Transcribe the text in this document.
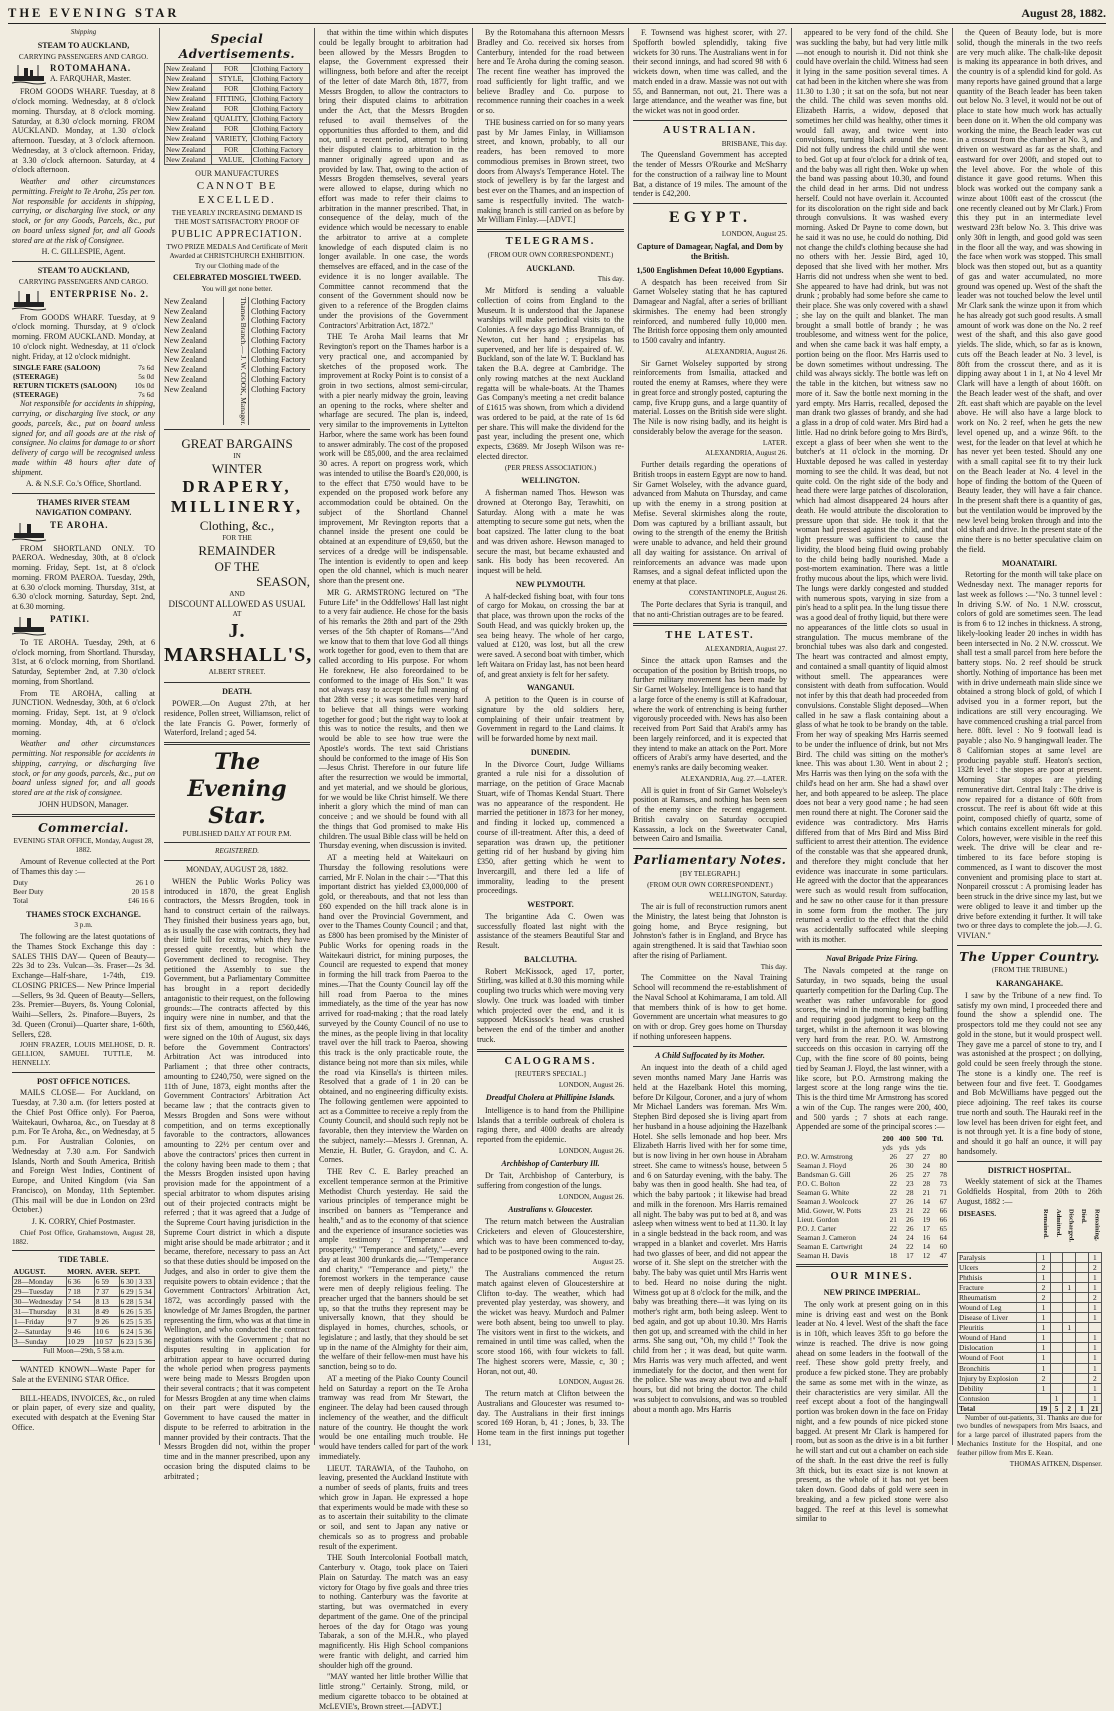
THE EVENING STAR	August 28, 1882.

Shipping

STEAM TO AUCKLAND,

CARRYING PASSENGERS AND CARGO.

ROTOMAHANA.
A. FARQUHAR, Master.

FROM GOODS WHARF. Tuesday, at 8 o'clock morning. Wednesday, at 8 o'clock morning. Thursday, at 8 o'clock morning. Saturday, at 8.30 o'clock morning. FROM AUCKLAND. Monday, at 1.30 o'clock afternoon. Tuesday, at 3 o'clock afternoon. Wednesday, at 3 o'clock afternoon. Friday, at 3.30 o'clock afternoon. Saturday, at 4 o'clock afternoon.

Weather and other circumstances permitting. Freight to Te Aroha, 25s per ton. Not responsible for accidents in shipping, carrying, or discharging live stock, or any stock, or for any Goods, Parcels, &c., put on board unless signed for, and all Goods stored are at the risk of Consignee.

H. C. GILLESPIE, Agent.

STEAM TO AUCKLAND,

CARRYING PASSENGERS AND CARGO.

ENTERPRISE No. 2.

From GOODS WHARF. Tuesday, at 9 o'clock morning. Thursday, at 9 o'clock morning. FROM AUCKLAND. Monday, at 10 o'clock night. Wednesday, at 11 o'clock night. Friday, at 12 o'clock midnight.

SINGLE FARE (SALOON)	7s 6d
(STEERAGE)	5s 0d
RETURN TICKETS (SALOON)	10s 0d
(STEERAGE)	7s 6d

Not responsible for accidents in shipping, carrying, or discharging live stock, or any goods, parcels, &c., put on board unless signed for, and all goods are at the risk of consignee. No claims for damage to or short delivery of cargo will be recognised unless made within 48 hours after date of shipment.

A. & N.S.F. Co.'s Office, Shortland.

THAMES RIVER STEAM NAVIGATION COMPANY.

TE AROHA.

FROM SHORTLAND ONLY. TO PAEROA. Wednesday, 30th, at 8 o'clock morning. Friday, Sept. 1st, at 8 o'clock morning. FROM PAEROA. Tuesday, 29th, at 6.30 o'clock morning. Thursday, 31st, at 6.30 o'clock morning. Saturday, Sept. 2nd, at 6.30 morning.

PATIKI.

To TE AROHA. Tuesday, 29th, at 6 o'clock morning, from Shortland. Thursday, 31st, at 6 o'clock morning, from Shortland. Saturday, September 2nd, at 7.30 o'clock morning, from Shortland.

From TE AROHA, calling at JUNCTION. Wednesday, 30th, at 6 o'clock morning. Friday, Sept. 1st, at 9 o'clock morning. Monday, 4th, at 6 o'clock morning.

Weather and other circumstances permitting. Not responsible for accidents in shipping, carrying, or discharging live stock, or for any goods, parcels, &c., put on board unless signed for, and all goods stored are at the risk of consignee.

JOHN HUDSON, Manager.

Commercial.

EVENING STAR OFFICE, Monday, August 28, 1882.

Amount of Revenue collected at the Port of Thames this day :—

Duty	26 1 0
Beer Duty	20 15 8
Total	£46 16 6

THAMES STOCK EXCHANGE.

3 p.m.

The following are the latest quotations of the Thames Stock Exchange this day : SALES THIS DAY— Queen of Beauty—22s 3d to 23s. Vulcan—3s. Fraser—2s 3d. Exchange—Half-share, 1-74th, £19. CLOSING PRICES— New Prince Imperial—Sellers, 9s 3d. Queen of Beauty—Sellers, 23s. Premier—Buyers, 8s. Young Colonial, Waihi—Sellers, 2s. Pinafore—Buyers, 2s 3d. Queen (Cronui)—Quarter share, 1-60th, Sellers, £28.

JOHN FRAZER, LOUIS MELHOSE, D. R. GELLION, SAMUEL TUTTLE, M. HENNELLY.

POST OFFICE NOTICES.

MAILS CLOSE— For Auckland, on Tuesday, at 7.30 a.m. (for letters posted at the Chief Post Office only). For Paeroa, Waitekauri, Owharoa, &c., on Tuesday at 8 p.m. For Te Aroha, &c., on Wednesday, at 5 p.m. For Australian Colonies, on Wednesday at 7.30 a.m. For Sandwich Islands, North and South America, British and Foreign West Indies, Continent of Europe, and United Kingdom (via San Francisco), on Monday, 11th September. (This mail will be due in London on 23rd October.)

J. K. CORRY, Chief Postmaster.

Chief Post Office, Grahamstown, August 28, 1882.

TIDE TABLE.

AUGUST.	MORN.	AVER.	SEPT.
28—Monday	6 36	6 59	6 30 | 3 33
29—Tuesday	7 18	7 37	6 29 | 5 34
30—Wednesday	7 54	8 13	6 28 | 5 34
31—Thursday	8 31	8 49	6 26 | 5 35
1—Friday	9 7	9 26	6 25 | 5 35
2—Saturday	9 46	10 6	6 24 | 5 36
3—Sunday	10 29	10 57	6 23 | 5 36

Full Moon—29th, 5 58 a.m.

WANTED KNOWN—Waste Paper for Sale at the EVENING STAR Office.

BILL-HEADS, INVOICES, &c., on ruled or plain paper, of every size and quality, executed with despatch at the Evening Star Office.

Special Advertisements.

New Zealand	FOR	Clothing Factory
New Zealand	STYLE,	Clothing Factory
New Zealand	FOR	Clothing Factory
New Zealand	FITTING,	Clothing Factory
New Zealand	FOR	Clothing Factory
New Zealand	QUALITY,	Clothing Factory
New Zealand	FOR	Clothing Factory
New Zealand	VARIETY,	Clothing Factory
New Zealand	FOR	Clothing Factory
New Zealand	VALUE,	Clothing Factory

OUR MANUFACTURES

CANNOT BE EXCELLED.

THE YEARLY INCREASING DEMAND IS THE MOST SATISFACTORY PROOF OF

PUBLIC APPRECIATION.

TWO PRIZE MEDALS And Certificate of Merit Awarded at CHRISTCHURCH EXHIBITION.

Try our Clothing made of the

CELEBRATED MOSGIEL TWEED.

You will get none better.

New Zealand
New Zealand
New Zealand
New Zealand
New Zealand
New Zealand
New Zealand
New Zealand
New Zealand
New Zealand	Thames Branch.— J. W. COOK, Manager. Clothing Factory
Clothing Factory
Clothing Factory
Clothing Factory
Clothing Factory
Clothing Factory
Clothing Factory
Clothing Factory
Clothing Factory
Clothing Factory
GREAT BARGAINS
IN
WINTER
DRAPERY,
MILLINERY,
Clothing, &c.,
FOR THE
REMAINDER
OF THE
SEASON,
AND
DISCOUNT ALLOWED AS USUAL
AT
J. MARSHALL'S,
ALBERT STREET.

DEATH.

POWER.—On August 27th, at her residence, Pollen street, Williamson, relict of the late Francis G. Power, formerly of Waterford, Ireland ; aged 54.

The Evening Star.

PUBLISHED DAILY AT FOUR P.M.

REGISTERED.

MONDAY, AUGUST 28, 1882.

WHEN the Public Works Policy was introduced in 1870, the great English contractors, the Messrs Brogden, took in hand to construct certain of the railways. They finished their business years ago, but, as is usually the case with contracts, they had their little bill for extras, which they have pressed quite recently, but which the Government declined to recognise. They petitioned the Assembly to sue the Government, but a Parliamentary Committee has brought in a report decidedly antagonistic to their request, on the following grounds:—The contracts affected by this inquiry were nine in number, and that the first six of them, amounting to £560,446, were signed on the 10th of August, six days before the Government Contractors' Arbitration Act was introduced into Parliament ; that three other contracts, amounting to £240,750, were signed on the 11th of June, 1873, eight months after the Government Contractors' Arbitration Act became law ; that the contracts given to Messrs Brogden and Sons were without competition, and on terms exceptionally favorable to the contractors, allowances amounting to 22½ per centum over and above the contractors' prices then current in the colony having been made to them ; that the Messrs Brogden insisted upon having provision made for the appointment of a special arbitrator to whom disputes arising out of their projected contracts might be referred ; that it was agreed that a Judge of the Supreme Court having jurisdiction in the Supreme Court district in which a dispute might arise should be made arbitrator ; and it became, therefore, necessary to pass an Act so that these duties should be imposed on the Judges, and also in order to give them the requisite powers to obtain evidence ; that the Government Contractors' Arbitration Act, 1872, was accordingly passed with the knowledge of Mr James Brogden, the partner representing the firm, who was at that time in Wellington, and who conducted the contract negotiations with the Government ; that no disputes resulting in application for arbitration appear to have occurred during the whole period when progress payments were being made to Messrs Brogden upon their several contracts ; that it was competent for Messrs Brogden at any time when claims on their part were disputed by the Government to have caused the matter in dispute to be referred to arbitration in the manner provided by their contracts. That the Messrs Brogden did not, within the proper time and in the manner prescribed, upon any occasion bring the disputed claims to be arbitrated ;

that within the time within which disputes could be legally brought to arbitration had been allowed by the Messrs Brogden to elapse, the Government expressed their willingness, both before and after the receipt of the letter of date March 8th, 1877, from Messrs Brogden, to allow the contractors to bring their disputed claims to arbitration under the Act, that the Messrs Brogden refused to avail themselves of the opportunities thus afforded to them, and did not, until a recent period, attempt to bring their disputed claims to arbitration in the manner originally agreed upon and as provided by law. That, owing to the action of Messrs Brogden themselves, several years were allowed to elapse, during which no effort was made to refer their claims to arbitration in the manner prescribed. That, in consequence of the delay, much of the evidence which would be necessary to enable the arbitrator to arrive at a complete knowledge of each disputed claim is no longer available. In one case, the words themselves are effaced, and in the case of the evidence it is no longer available. The Committee cannot recommend that the consent of the Government should now be given to a reference of the Brogden claims under the provisions of the Government Contractors' Arbitration Act, 1872."

THE Te Aroha Mail learns that Mr Revington's report on the Thames harbor is a very practical one, and accompanied by sketches of the proposed work. The improvement at Rocky Point is to consist of a groin in two sections, almost semi-circular, with a pier nearly midway the groin, leaving an opening to the rocks, where shelter and wharfage are secured. The plan is, indeed, very similar to the improvements in Lyttelton Harbor, where the same work has been found to answer admirably. The cost of the proposed work will be £85,000, and the area reclaimed 30 acres. A report on progress work, which was intended to utilise the Board's £20,000, is to the effect that £750 would have to be expended on the proposed work before any accommodation could be obtained. On the subject of the Shortland Channel improvement, Mr Revington reports that a channel inside the present one could be obtained at an expenditure of £9,650, but the services of a dredge will be indispensable. The intention is evidently to open and keep open the old channel, which is much nearer shore than the present one.

MR G. ARMSTRONG lectured on "The Future Life" in the Oddfellows' Hall last night to a very fair audience. He chose for the basis of his remarks the 28th and part of the 29th verses of the 5th chapter of Romans—"And we know that to them that love God all things work together for good, even to them that are called according to His purpose. For whom He foreknew, He also foreordained to be conformed to the image of His Son." It was not always easy to accept the full meaning of that 28th verse ; it was sometimes very hard to believe that all things were working together for good ; but the right way to look at this was to notice the results, and then we would be able to see how true were the Apostle's words. The text said Christians should be conformed to the image of His Son—Jesus Christ. Therefore in our future life after the resurrection we would be immortal, and yet material, and we should be glorious, for we would be like Christ himself. We there inherit a glory which the mind of man can conceive ; and we should be found with all the things that God promised to make His children. The usual Bible class will be held on Thursday evening, when discussion is invited.

AT a meeting held at Waitekauri on Thursday the following resolutions were carried, Mr F. Nolan in the chair :—"That this important district has yielded £3,000,000 of gold, or thereabouts, and that not less than £60 expended on the hill track alone is in hand over the Provincial Government, and over to the Thames County Council ; and that, as £800 has been promised by the Minister of Public Works for opening roads in the Waitekauri district, for mining purposes, the Council are requested to expend that money in forming the hill track from Paeroa to the mines.—That the County Council lay off the hill road from Paeroa to the mines immediately, as the time of the year has now arrived for road-making ; that the road lately surveyed by the County Council of no use to the mines, as the people living in that locality travel over the hill track to Paeroa, showing this track is the only practicable route, the distance being not more than six miles, while the road via Kinsella's is thirteen miles. Resolved that a grade of 1 in 20 can be obtained, and no engineering difficulty exists. The following gentlemen were appointed to act as a Committee to receive a reply from the County Council, and should such reply not be favorable, then they interview the Warden on the subject, namely:—Messrs J. Grennan, A. Menzie, H. Butler, G. Graydon, and C. A. Cornes.

THE Rev C. E. Barley preached an excellent temperance sermon at the Primitive Methodist Church yesterday. He said the various principles of temperance might be inscribed on banners as "Temperance and health," and as to the economy of that science and the experience of insurance societies was ample testimony ; "Temperance and prosperity," "Temperance and safety,"—every day at least 300 drunkards die,—"Temperance and charity," "Temperance and piety," the foremost workers in the temperance cause were men of deeply religious feeling. The preacher urged that the banners should be set up, so that the truths they represent may be universally known, that they should be displayed in homes, churches, schools, or legislature ; and lastly, that they should be set up in the name of the Almighty for their aim, the welfare of their fellow-men must have his sanction, being so to do.

AT a meeting of the Piako County Council held on Saturday a report on the Te Aroha tramway was read from Mr Stewart, the engineer. The delay had been caused through inclemency of the weather, and the difficult nature of the country. He thought the work would be one entailing much trouble. He would have tenders called for part of the work immediately.

LIEUT. TARAWIA, of the Tauhoho, on leaving, presented the Auckland Institute with a number of seeds of plants, fruits and trees which grow in Japan. He expressed a hope that experiments would be made with these so as to ascertain their suitability to the climate or soil, and sent to Japan any native or chemicals so as to progress and probable result of the experiment.

THE South Intercolonial Football match, Canterbury v. Otago, took place on Taieri Plain on Saturday. The match was an easy victory for Otago by five goals and three tries to nothing. Canterbury was the favorite at starting, but was overmatched in every department of the game. One of the principal heroes of the day for Otago was young Tabarak, a son of the M.H.R., who played magnificently. His High School companions were frantic with delight, and carried him shoulder high off the ground.

"MAY wanted her little brother Willie that little strong." Certainly. Strong, mild, or medium cigarette tobacco to be obtained at McLEVIE's, Brown street.—[ADVT.]

By the Rotomahana this afternoon Messrs Bradley and Co. received six horses from Canterbury, intended for the road between here and Te Aroha during the coming season. The recent fine weather has improved the road sufficiently for light traffic, and we believe Bradley and Co. purpose to recommence running their coaches in a week or so.

THE business carried on for so many years past by Mr James Finlay, in Williamson street, and known, probably, to all our readers, has been removed to more commodious premises in Brown street, two doors from Always's Temperance Hotel. The stock of jewellery is by far the largest and best ever on the Thames, and an inspection of same is respectfully invited. The watch-making branch is still carried on as before by Mr William Finlay.—[ADVT.]

TELEGRAMS.

(FROM OUR OWN CORRESPONDENT.)

AUCKLAND.

This day.

Mr Mitford is sending a valuable collection of coins from England to the Museum. It is understood that the Japanese warships will make periodical visits to the Colonies. A few days ago Miss Brannigan, of Newton, cut her hand ; erysipelas has supervened, and her life is despaired of. W. Buckland, son of the late W. T. Buckland has taken the B.A. degree at Cambridge. The only rowing matches at the next Auckland regatta will be whale-boats. At the Thames Gas Company's meeting a net credit balance of £1615 was shown, from which a dividend was ordered to be paid, at the rate of 1s 6d per share. This will make the dividend for the past year, including the present one, which expects, £3689. Mr Joseph Wilson was re-elected director.

(PER PRESS ASSOCIATION.)

WELLINGTON.

A fisherman named Thos. Hewson was drowned at Oterongo Bay, Terawhiti, on Saturday. Along with a mate he was attempting to secure some gut nets, when the boat capsized. The latter clung to the boat and was driven ashore. Hewson managed to secure the mast, but became exhausted and sank. His body has been recovered. An inquest will be held.

NEW PLYMOUTH.

A half-decked fishing boat, with four tons of cargo for Mokau, on crossing the bar at that place, was thrown upon the rocks of the South Head, and was quickly broken up, the sea being heavy. The whole of her cargo, valued at £120, was lost, but all the crew were saved. A second boat with timber, which left Waitara on Friday last, has not been heard of, and great anxiety is felt for her safety.

WANGANUI.

A petition to the Queen is in course of signature by the old soldiers here, complaining of their unfair treatment by Government in regard to the Land claims. It will be forwarded home by next mail.

DUNEDIN.

In the Divorce Court, Judge Williams granted a rule nisi for a dissolution of marriage, on the petition of Grace Macnab Stuart, wife of Thomas Kendal Stuart. There was no appearance of the respondent. He married the petitioner in 1873 for her money, and finding it locked up, commenced a course of ill-treatment. After this, a deed of separation was drawn up, the petitioner getting rid of her husband by giving him £350, after getting which he went to Invercargill, and there led a life of immorality, leading to the present proceedings.

WESTPORT.

The brigantine Ada C. Owen was successfully floated last night with the assistance of the steamers Beautiful Star and Result.

BALCLUTHA.

Robert McKissock, aged 17, porter, Stirling, was killed at 8.30 this morning while coupling two trucks which were moving very slowly. One truck was loaded with timber which projected over the end, and it is supposed McKissock's head was crushed between the end of the timber and another truck.

CALOGRAMS.

[REUTER'S SPECIAL.]

LONDON, August 26.

Dreadful Cholera at Phillipine Islands.

Intelligence is to hand from the Phillipine Islands that a terrible outbreak of cholera is raging there, and 4000 deaths are already reported from the epidemic.

LONDON, August 26.

Archbishop of Canterbury Ill.

Dr Tait, Archbishop of Canterbury, is suffering from congestion of the lungs.

LONDON, August 26.

Australians v. Gloucester.

The return match between the Australian Cricketers and eleven of Gloucestershire, which was to have been commenced to-day, had to be postponed owing to the rain.

August 25.

The Australians commenced the return match against eleven of Gloucestershire at Clifton to-day. The weather, which had prevented play yesterday, was showery, and the wicket was heavy. Murdoch and Palmer were both absent, being too unwell to play. The visitors went in first to the wickets, and remained in until time was called, when the score stood 166, with four wickets to fall. The highest scorers were, Massie, c, 30 ; Horan, not out, 40.

LONDON, August 26.

The return match at Clifton between the Australians and Gloucester was resumed to-day. The Australians in their first innings scored 169 Horan, b, 41 ; Jones, b, 33. The Home team in the first innings put together 131,

F. Townsend was highest scorer, with 27. Spofforth bowled splendidly, taking five wickets for 30 runs. The Australians went in for their second innings, and had scored 98 with 6 wickets down, when time was called, and the match ended in a draw. Massie was not out with 55, and Bannerman, not out, 21. There was a large attendance, and the weather was fine, but the wicket was not in good order.

AUSTRALIAN.

BRISBANE, This day.

The Queensland Government has accepted the tender of Messrs O'Rourke and McSharry for the construction of a railway line to Mount Bat, a distance of 19 miles. The amount of the tender is £42,200.

EGYPT.

LONDON, August 25.

Capture of Damagear, Nagfal, and Dom by the British.

1,500 Englishmen Defeat 10,000 Egyptians.

A despatch has been received from Sir Garnet Wolseley stating that he has captured Damagear and Nagfal, after a series of brilliant skirmishes. The enemy had been strongly reinforced, and numbered fully 10,000 men. The British force opposing them only amounted to 1500 cavalry and infantry.

ALEXANDRIA, August 26.

Sir Garnet Wolseley supported by strong reinforcements from Ismailia, attacked and routed the enemy at Ramses, where they were in great force and strongly posted, capturing the camp, five Krupp guns, and a large quantity of material. Losses on the British side were slight. The Nile is now rising badly, and its height is considerably below the average for the season.

LATER.

ALEXANDRIA, August 26.

Further details regarding the operations of British troops in eastern Egypt are now to hand. Sir Garnet Wolseley, with the advance guard, advanced from Mahuta on Thursday, and came up with the enemy in a strong position at Mefise. Several skirmishes along the route, Dom was captured by a brilliant assault, but owing to the strength of the enemy the British were unable to advance, and held their ground all day waiting for assistance. On arrival of reinforcements an advance was made upon Ramses, and a signal defeat inflicted upon the enemy at that place.

CONSTANTINOPLE, August 26.

The Porte declares that Syria is tranquil, and that no anti-Christian outrages are to be feared.

THE LATEST.

ALEXANDRIA, August 27.

Since the attack upon Ramses and the occupation of the position by British troops, no further military movement has been made by Sir Garnet Wolseley. Intelligence is to hand that a large force of the enemy is still at Kafradouar, where the work of entrenching is being further vigorously proceeded with. News has also been received from Port Said that Arabi's army has been largely reinforced, and it is expected that they intend to make an attack on the Port. More officers of Arabi's army have deserted, and the enemy's ranks are daily becoming weaker.

ALEXANDRIA, Aug. 27.—LATER.

All is quiet in front of Sir Garnet Wolseley's position at Ramses, and nothing has been seen of the enemy since the recent engagement. British cavalry on Saturday occupied Kassassin, a lock on the Sweetwater Canal, between Cairo and Ismailia.

Parliamentary Notes.

[BY TELEGRAPH.]

(FROM OUR OWN CORRESPONDENT.)

WELLINGTON, Saturday.

The air is full of reconstruction rumors anent the Ministry, the latest being that Johnston is going home, and Bryce resigning, but Johnston's father is in England, and Bryce has again strengthened. It is said that Tawhiao soon after the rising of Parliament.

This day.

The Committee on the Naval Training School will recommend the re-establishment of the Naval School at Kohimarama, I am told. All that members think of is how to get home. Government are uncertain what measures to go on with or drop. Grey goes home on Thursday if nothing unforeseen happens.

A Child Suffocated by its Mother.

An inquest into the death of a child aged seven months named Mary Jane Harris was held at the Hazelbank Hotel this morning, before Dr Kilgour, Coroner, and a jury of whom Mr Michael Landers was foreman. Mrs Wm. Stephen Bird deposed she is living apart from her husband in a house adjoining the Hazelbank Hotel. She sells lemonade and hop beer. Mrs Elizabeth Harris lived with her for some time, but is now living in her own house in Abraham street. She came to witness's house, between 5 and 6 on Saturday evening, with the baby. The baby was then in good health. She had tea, of which the baby partook ; it likewise had bread and milk in the forenoon. Mrs Harris remained all night. The baby was put to bed at 8, and was asleep when witness went to bed at 11.30. It lay in a single bedstead in the back room, and was wrapped in a blanket and coverlet. Mrs Harris had two glasses of beer, and did not appear the worse of it. She slept on the stretcher with the baby. The baby was quiet until Mrs Harris went to bed. Heard no noise during the night. Witness got up at 8 o'clock for the milk, and the baby was breathing there—it was lying on its mother's right arm, both being asleep. Went to bed again, and got up about 10.30. Mrs Harris then got up, and screamed with the child in her arms. She sang out, "Oh, my child !" Took the child from her ; it was dead, but quite warm. Mrs Harris was very much affected, and went immediately for the doctor, and then went for the police. She was away about two and a-half hours, but did not bring the doctor. The child was subject to convulsions, and was so troubled about a month ago. Mrs Harris

appeared to be very fond of the child. She was suckling the baby, but had very little milk—not enough to nourish it. Did not think she could have overlain the child. Witness had seen it lying in the same position several times. A cat had been in the kitchen where she was from 11.30 to 1.30 ; it sat on the sofa, but not near the child. The child was seven months old. Elizabeth Harris, a widow, deposed that sometimes her child was healthy, other times it would fall away, and twice went into convulsions, turning black around the nose. Did not fully undress the child until she went to bed. Got up at four o'clock for a drink of tea, and the baby was all right then. Woke up when the band was passing about 10.30, and found the child dead in her arms. Did not undress herself. Could not have overlain it. Accounted for its discoloration on the right side and back through convulsions. It was washed every morning. Asked Dr Payne to come down, but he said it was no use, he could do nothing. Did not change the child's clothing because she had no others with her. Jessie Bird, aged 10, deposed that she lived with her mother. Mrs Harris did not undress when she went to bed. She appeared to have had drink, but was not drunk ; probably had some before she came to their place. She was only covered with a shawl ; she lay on the quilt and blanket. The man brought a small bottle of brandy ; he was troublesome, and witness went for the police, and when she came back it was half empty, a portion being on the floor. Mrs Harris used to be down sometimes without undressing. The child was always sickly. The bottle was left on the table in the kitchen, but witness saw no more of it. Saw the bottle next morning in the yard empty. Mrs Harris, recalled, deposed the man drank two glasses of brandy, and she had a glass in a drop of cold water. Mrs Bird had a little. Had no drink before going to Mrs Bird's, except a glass of beer when she went to the butcher's at 11 o'clock in the morning. Dr Huxtable deposed he was called in yesterday morning to see the child. It was dead, but not quite cold. On the right side of the body and head there were large patches of discoloration, which had almost disappeared 24 hours after death. He would attribute the discoloration to pressure upon that side. He took it that the woman had pressed against the child, and that light pressure was sufficient to cause the lividity, the blood being fluid owing probably to the child being badly nourished. Made a post-mortem examination. There was a little frothy mucous about the lips, which were livid. The lungs were darkly congested and studded with numerous spots, varying in size from a pin's head to a split pea. In the lung tissue there was a good deal of frothy liquid, but there were no appearances of the little clots so usual in strangulation. The mucus membrane of the bronchial tubes was also dark and congested. The heart was contracted and almost empty, and contained a small quantity of liquid almost without smell. The appearances were consistent with death from suffocation. Would not infer by this that death had proceeded from convulsions. Constable Slight deposed—When called in he saw a flask containing about a glass of what he took to be brandy on the table. From her way of speaking Mrs Harris seemed to be under the influence of drink, but not Mrs Bird. The child was sitting on the mother's knee. This was about 1.30. Went in about 2 ; Mrs Harris was then lying on the sofa with the child's head on her arm. She had a shawl over her, and both appeared to be asleep. The place does not bear a very good name ; he had seen men round there at night. The Coroner said the evidence was contradictory. Mrs Harris differed from that of Mrs Bird and Miss Bird sufficient to arrest their attention. The evidence of the constable was that she appeared drunk, and therefore they might conclude that her evidence was inaccurate in some particulars. He agreed with the doctor that the appearances were such as would result from suffocation, and he saw no other cause for it than pressure in some form from the mother. The jury returned a verdict to the effect that the child was accidentally suffocated while sleeping with its mother.

Naval Brigade Prize Firing.

The Navals competed at the range on Saturday, in two squads, being the usual quarterly competition for the Darling Cup. The weather was rather unfavorable for good scores, the wind in the morning being baffling and requiring good judgment to keep on the target, whilst in the afternoon it was blowing very hard from the rear. P.O. W. Armstrong succeeds on this occasion in carrying off the Cup, with the fine score of 80 points, being tied by Seaman J. Floyd, the last winner, with a like score, but P.O. Armstrong making the largest score at the long range wins the tie. This is the third time Mr Armstrong has scored a win of the Cup. The ranges were 200, 400, and 500 yards ; 7 shots at each range. Appended are some of the principal scores :—

	200	400	500	Ttl.
	yds	yds	yds	
P.O. W. Armstrong	26	27	27	80
Seaman J. Floyd	26	30	24	80
Bandsman G. Gill	26	25	27	78
P.O. C. Bolton	22	23	28	73
Seaman G. White	22	28	21	71
Seaman J. Woolcock	27	26	14	67
Mid. Gower, W. Potts	23	21	22	66
Lieut. Gordon	21	26	19	66
P.O. J. Carter	22	26	17	65
Seaman J. Cameron	24	24	16	64
Seaman E. Cartwright	24	22	14	60
Seaman H. Davis	18	17	12	47

OUR MINES.

NEW PRINCE IMPERIAL.

The only work at present going on in this mine is driving east and west on the Bonk leader at No. 4 level. West of the shaft the face is in 10ft, which leaves 35ft to go before the winze is reached. The drive is now going ahead on some leaders in the footwall of the reef. These show gold pretty freely, and produce a few picked stone. They are probably the same as some met with in the winze, as their characteristics are very similar. All the reef except about a foot of the hangingwall portion was broken down in the face on Friday night, and a few pounds of nice picked stone bagged. At present Mr Clark is hampered for room, but as soon as the drive is in a bit further he will start and cut out a chamber on each side of the shaft. In the east drive the reef is fully 3ft thick, but its exact size is not known at present, as the whole of it has not yet been taken down. Good dabs of gold were seen in breaking, and a few picked stone were also bagged. The reef at this level is somewhat similar to

the Queen of Beauty lode, but is more solid, though the minerals in the two reefs are very much alike. The chalk-like deposit is making its appearance in both drives, and the country is of a splendid kind for gold. As many reports have gained ground that a large quantity of the Beach leader has been taken out below No. 3 level, it would not be out of place to state how much work has actually been done on it. When the old company was working the mine, the Beach leader was cut in a crosscut from the chamber at No. 3, and driven on westward as far as the shaft, and eastward for over 200ft, and stoped out to the level above. For the whole of this distance it gave good returns. When this block was worked out the company sank a winze about 100ft east of the crosscut (the one recently cleaned out by Mr Clark.) From this they put in an intermediate level westward 23ft below No. 3. This drive was only 30ft in length, and good gold was seen in the floor all the way, and was showing in the face when work was stopped. This small block was then stoped out, but as a quantity of gas and water accumulated, no more ground was opened up. West of the shaft the leader was not touched below the level until Mr Clark sank the winze upon it from which he has already got such good results. A small amount of work was done on the No. 2 reef west of the shaft, and this also gave good yields. The slide, which, so far as is known, cuts off the Beach leader at No. 3 level, is 80ft from the crosscut there, and as it is dipping away about 1 in 1, at No 4 level Mr Clark will have a length of about 160ft. on the Beach leader west of the shaft, and over 2ft. east shaft which are payable on the level above. He will also have a large block to work on No. 2 reef, when he gets the new level opened up, and a winze 96ft. to the west, for the leader on that level at which he has never yet been tested. Should any one with a small capital see fit to try their luck on the Beach leader at No. 4 level in the hope of finding the bottom of the Queen of Beauty leader, they will have a fair chance. In the present shaft there is a quantity of gas, but the ventilation would be improved by the new level being broken through and into the old shaft and drive. In the present state of the mine there is no better speculative claim on the field.

MOANATAIRI.

Retorting for the month will take place on Wednesday next. The manager reports for last week as follows :—"No. 3 tunnel level : In driving S.W. of No. 1 N.W. crosscut, colors of gold are sometimes seen. The lead is from 6 to 12 inches in thickness. A strong, likely-looking leader 20 inches in width has been intersected in No. 2 N.W. crosscut. We shall test a small parcel from here before the battery stops. No. 2 reef should be struck shortly. Nothing of importance has been met with in drive underneath main slide since we obtained a strong block of gold, of which I advised you in a former report, but the indications are still very encouraging. We have commenced crushing a trial parcel from here. 80ft. level : No 9 footwall lead is payable ; also No. 9 hangingwall leader. The 8 Californian stopes at same level are producing payable stuff. Heaton's section, 132ft level : the stopes are poor at present. Morning Star stopes are yielding remunerative dirt. Central Italy : The drive is now repaired for a distance of 60ft from crosscut. The reef is about 6ft wide at this point, composed chiefly of quartz, some of which contains excellent minerals for gold. Colors, however, were visible in the reef this week. The drive will be clear and re-timbered to its face before stoping is commenced, as I want to discover the most convenient and promising place to start at. Nonpareil crosscut : A promising leader has been struck in the drive since my last, but we were obliged to leave it and timber up the drive before extending it further. It will take two or three days to complete the job.—J. G. VIVIAN."

The Upper Country.

(FROM THE TRIBUNE.)

KARANGAHAKE.

I saw by the Tribune of a new find. To satisfy my own mind, I proceeded there and found the show a splendid one. The prospectors told me they could not see any gold in the stone, but it would prospect well. They gave me a parcel of stone to try, and I was astonished at the prospect ; on dollying, gold could be seen freely through the stone. The stone is a kindly one. The reef is between four and five feet. T. Goodgames and Bob McWilliams have pegged out the piece adjoining. The reef takes its course true north and south. The Hauraki reef in the low level has been driven for eight feet, and is not through yet. It is a fine body of stone, and should it go half an ounce, it will pay handsomely.

DISTRICT HOSPITAL.

Weekly statement of sick at the Thames Goldfields Hospital, from 20th to 26th August, 1882 :—

DISEASES.	Remained.	Admitted.	Discharged.	Died.	Remaining.
Paralysis	1				1
Ulcers	2				2
Phthisis	1				1
Fracture	2		1		1
Rheumatism	2				2
Wound of Leg	1				1
Disease of Liver	1				1
Pleuritis	1		1		
Wound of Hand	1				1
Dislocation	1				1
Wound of Foot	1				1
Bronchitis	1				1
Injury by Explosion	2				2
Debility	1				1
Contusion		1			1
Total	19	5	2	1	21

Number of out-patients, 31. Thanks are due for two bundles of newspapers from Mrs Isaacs, and for a large parcel of illustrated papers from the Mechanics Institute for the Hospital, and one feather pillow from Mrs E. Kean.

THOMAS AITKEN, Dispenser.
